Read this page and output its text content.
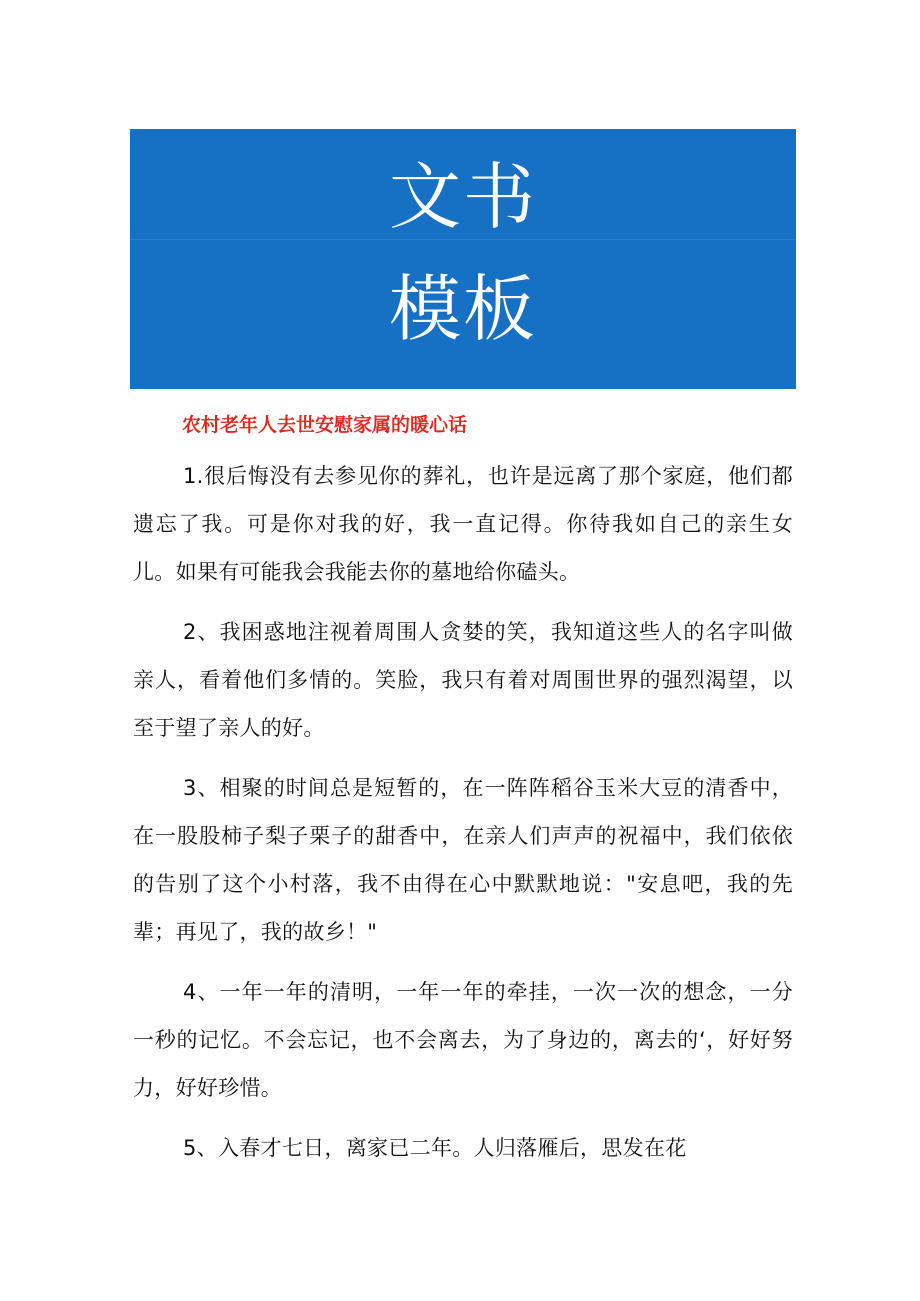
文书
模板
农村老年人去世安慰家属的暖心话

1.很后悔没有去参见你的葬礼，也许是远离了那个家庭，他们都遗忘了我。可是你对我的好，我一直记得。你待我如自己的亲生女儿。如果有可能我会我能去你的墓地给你磕头。

2、我困惑地注视着周围人贪婪的笑，我知道这些人的名字叫做亲人，看着他们多情的。笑脸，我只有着对周围世界的强烈渴望，以至于望了亲人的好。

3、相聚的时间总是短暂的，在一阵阵稻谷玉米大豆的清香中，在一股股柿子梨子栗子的甜香中，在亲人们声声的祝福中，我们依依的告别了这个小村落，我不由得在心中默默地说："安息吧，我的先辈；再见了，我的故乡！"

4、一年一年的清明，一年一年的牵挂，一次一次的想念，一分一秒的记忆。不会忘记，也不会离去，为了身边的，离去的‘，好好努力，好好珍惜。

5、入春才七日，离家已二年。人归落雁后，思发在花
